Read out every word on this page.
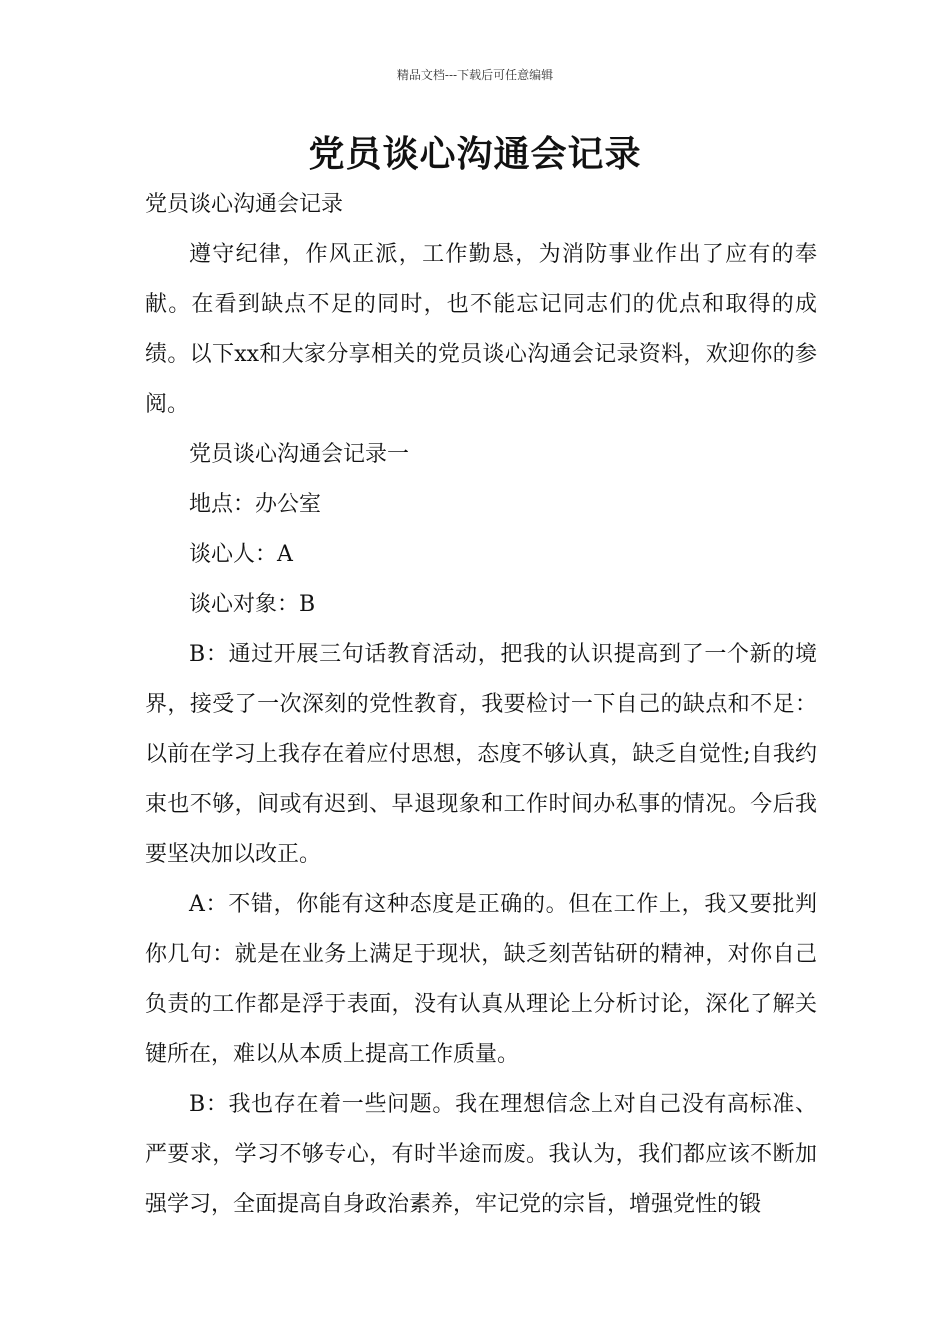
精品文档---下载后可任意编辑
党员谈心沟通会记录

党员谈心沟通会记录

遵守纪律，作风正派，工作勤恳，为消防事业作出了应有的奉献。在看到缺点不足的同时，也不能忘记同志们的优点和取得的成绩。以下xx和大家分享相关的党员谈心沟通会记录资料，欢迎你的参阅。

党员谈心沟通会记录一

地点：办公室

谈心人：A

谈心对象：B

B：通过开展三句话教育活动，把我的认识提高到了一个新的境界，接受了一次深刻的党性教育，我要检讨一下自己的缺点和不足：以前在学习上我存在着应付思想，态度不够认真，缺乏自觉性;自我约束也不够，间或有迟到、早退现象和工作时间办私事的情况。今后我要坚决加以改正。

A：不错，你能有这种态度是正确的。但在工作上，我又要批判你几句：就是在业务上满足于现状，缺乏刻苦钻研的精神，对你自己负责的工作都是浮于表面，没有认真从理论上分析讨论，深化了解关键所在，难以从本质上提高工作质量。

B：我也存在着一些问题。我在理想信念上对自己没有高标准、严要求，学习不够专心，有时半途而废。我认为，我们都应该不断加强学习，全面提高自身政治素养，牢记党的宗旨，增强党性的锻
